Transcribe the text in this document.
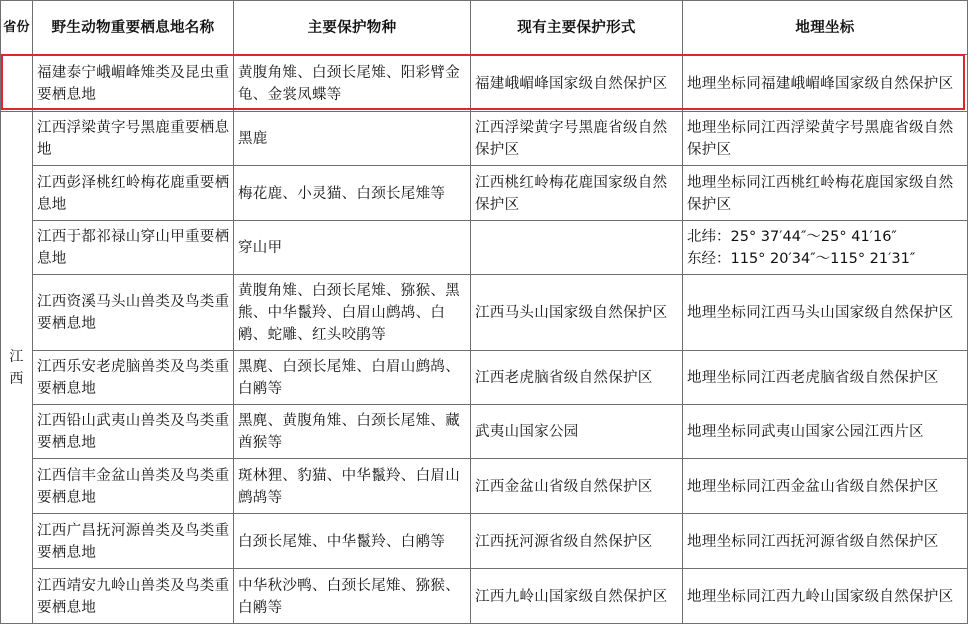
省份	野生动物重要栖息地名称	主要保护物种	现有主要保护形式	地理坐标
	福建泰宁峨嵋峰雉类及昆虫重要栖息地	黄腹角雉、白颈长尾雉、阳彩臂金龟、金裳凤蝶等	福建峨嵋峰国家级自然保护区	地理坐标同福建峨嵋峰国家级自然保护区
江西	江西浮梁黄字号黑鹿重要栖息地	黑鹿	江西浮梁黄字号黑鹿省级自然保护区	地理坐标同江西浮梁黄字号黑鹿省级自然保护区
	江西彭泽桃红岭梅花鹿重要栖息地	梅花鹿、小灵猫、白颈长尾雉等	江西桃红岭梅花鹿国家级自然保护区	地理坐标同江西桃红岭梅花鹿国家级自然保护区
	江西于都祁禄山穿山甲重要栖息地	穿山甲		北纬：25° 37′44″～25° 41′16″
东经：115° 20′34″～115° 21′31″

	江西资溪马头山兽类及鸟类重要栖息地	黄腹角雉、白颈长尾雉、猕猴、黑熊、中华鬣羚、白眉山鹧鸪、白鹇、蛇雕、红头咬鹃等	江西马头山国家级自然保护区	地理坐标同江西马头山国家级自然保护区
	江西乐安老虎脑兽类及鸟类重要栖息地	黑麂、白颈长尾雉、白眉山鹧鸪、白鹇等	江西老虎脑省级自然保护区	地理坐标同江西老虎脑省级自然保护区
	江西铅山武夷山兽类及鸟类重要栖息地	黑麂、黄腹角雉、白颈长尾雉、藏酋猴等	武夷山国家公园	地理坐标同武夷山国家公园江西片区
	江西信丰金盆山兽类及鸟类重要栖息地	斑林狸、豹猫、中华鬣羚、白眉山鹧鸪等	江西金盆山省级自然保护区	地理坐标同江西金盆山省级自然保护区
	江西广昌抚河源兽类及鸟类重要栖息地	白颈长尾雉、中华鬣羚、白鹇等	江西抚河源省级自然保护区	地理坐标同江西抚河源省级自然保护区
	江西靖安九岭山兽类及鸟类重要栖息地	中华秋沙鸭、白颈长尾雉、猕猴、白鹇等	江西九岭山国家级自然保护区	地理坐标同江西九岭山国家级自然保护区
